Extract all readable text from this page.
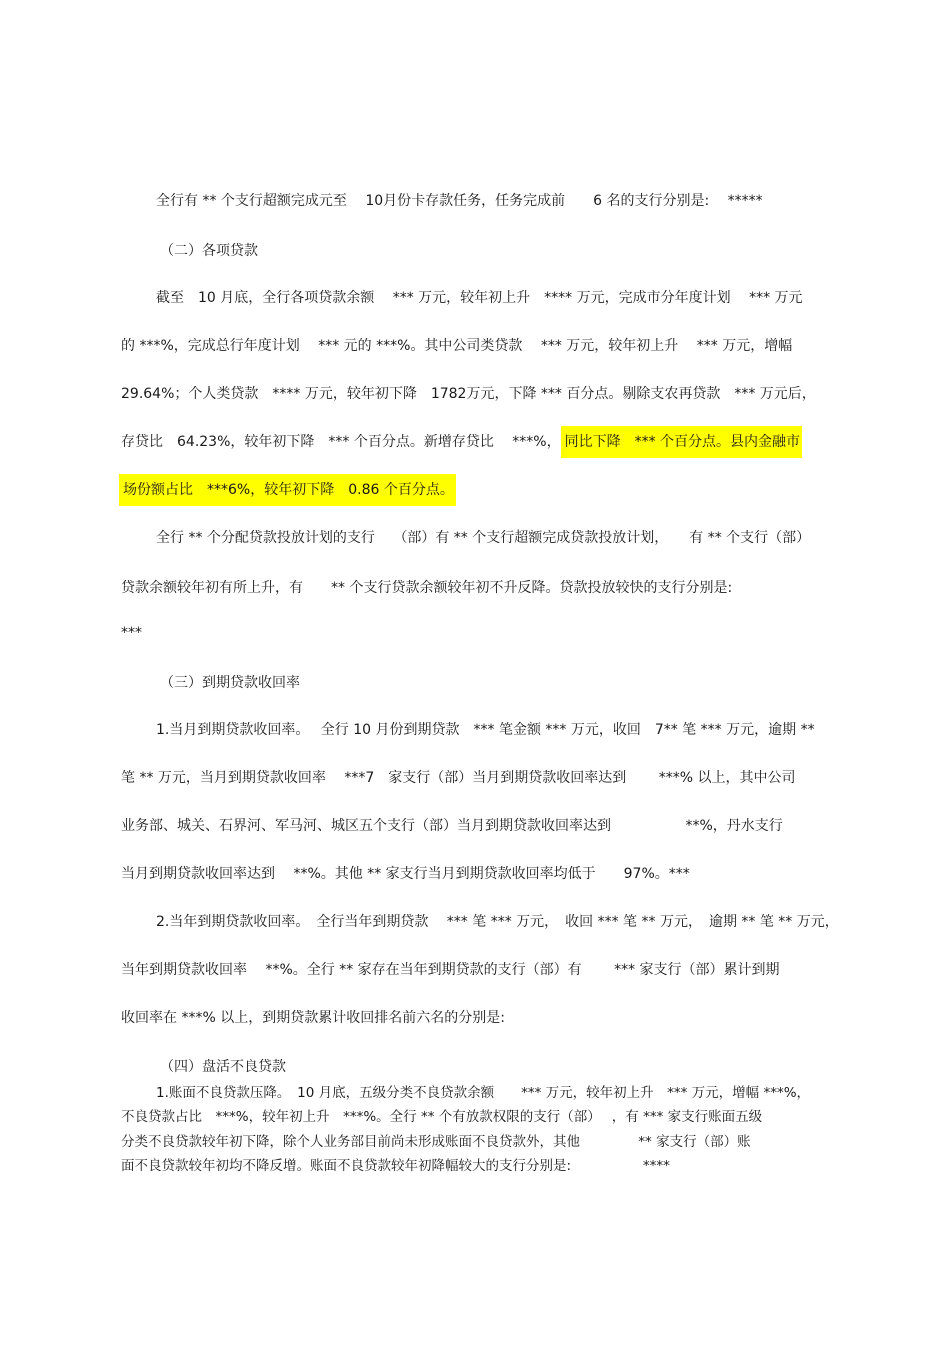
全行有 ** 个支行超额完成元至　 10月份卡存款任务，任务完成前　　6 名的支行分别是:　 *****

（二）各项贷款

截至　10 月底，全行各项贷款余额　 *** 万元，较年初上升　**** 万元，完成市分年度计划　 *** 万元

的 ***%，完成总行年度计划　 *** 元的 ***%。其中公司类贷款　 *** 万元，较年初上升　 *** 万元，增幅

29.64%；个人类贷款　**** 万元，较年初下降　1782万元，下降 *** 百分点。剔除支农再贷款　*** 万元后，

存贷比　64.23%，较年初下降　*** 个百分点。新增存贷比　 ***%， 同比下降　*** 个百分点。县内金融市

场份额占比　***6%，较年初下降　0.86 个百分点。

全行 ** 个分配贷款投放计划的支行　 （部）有 ** 个支行超额完成贷款投放计划，　　有 ** 个支行（部）

贷款余额较年初有所上升，有　　** 个支行贷款余额较年初不升反降。贷款投放较快的支行分别是:

***

（三）到期贷款收回率

1.当月到期贷款收回率。　 全行 10 月份到期贷款　*** 笔金额 *** 万元，收回　7** 笔 *** 万元，逾期 **

笔 ** 万元，当月到期贷款收回率　 ***7　家支行（部）当月到期贷款收回率达到　　 ***% 以上，其中公司

业务部、城关、石界河、军马河、城区五个支行（部）当月到期贷款收回率达到　　　　　 **%，丹水支行

当月到期贷款收回率达到　 **%。其他 ** 家支行当月到期贷款收回率均低于　　97%。***

2.当年到期贷款收回率。　全行当年到期贷款　 *** 笔 *** 万元，　收回 *** 笔 ** 万元，　逾期 ** 笔 ** 万元，

当年到期贷款收回率　 **%。全行 ** 家存在当年到期贷款的支行（部）有　　 *** 家支行（部）累计到期

收回率在 ***% 以上，到期贷款累计收回排名前六名的分别是:

（四）盘活不良贷款

1.账面不良贷款压降。　10 月底，五级分类不良贷款余额　　*** 万元，较年初上升　*** 万元，增幅 ***%，

不良贷款占比　***%，较年初上升　***%。全行 ** 个有放款权限的支行（部）　 ，有 *** 家支行账面五级

分类不良贷款较年初下降，除个人业务部目前尚未形成账面不良贷款外，其他　　　　 ** 家支行（部）账

面不良贷款较年初均不降反增。账面不良贷款较年初降幅较大的支行分别是:　　　　　 ****
